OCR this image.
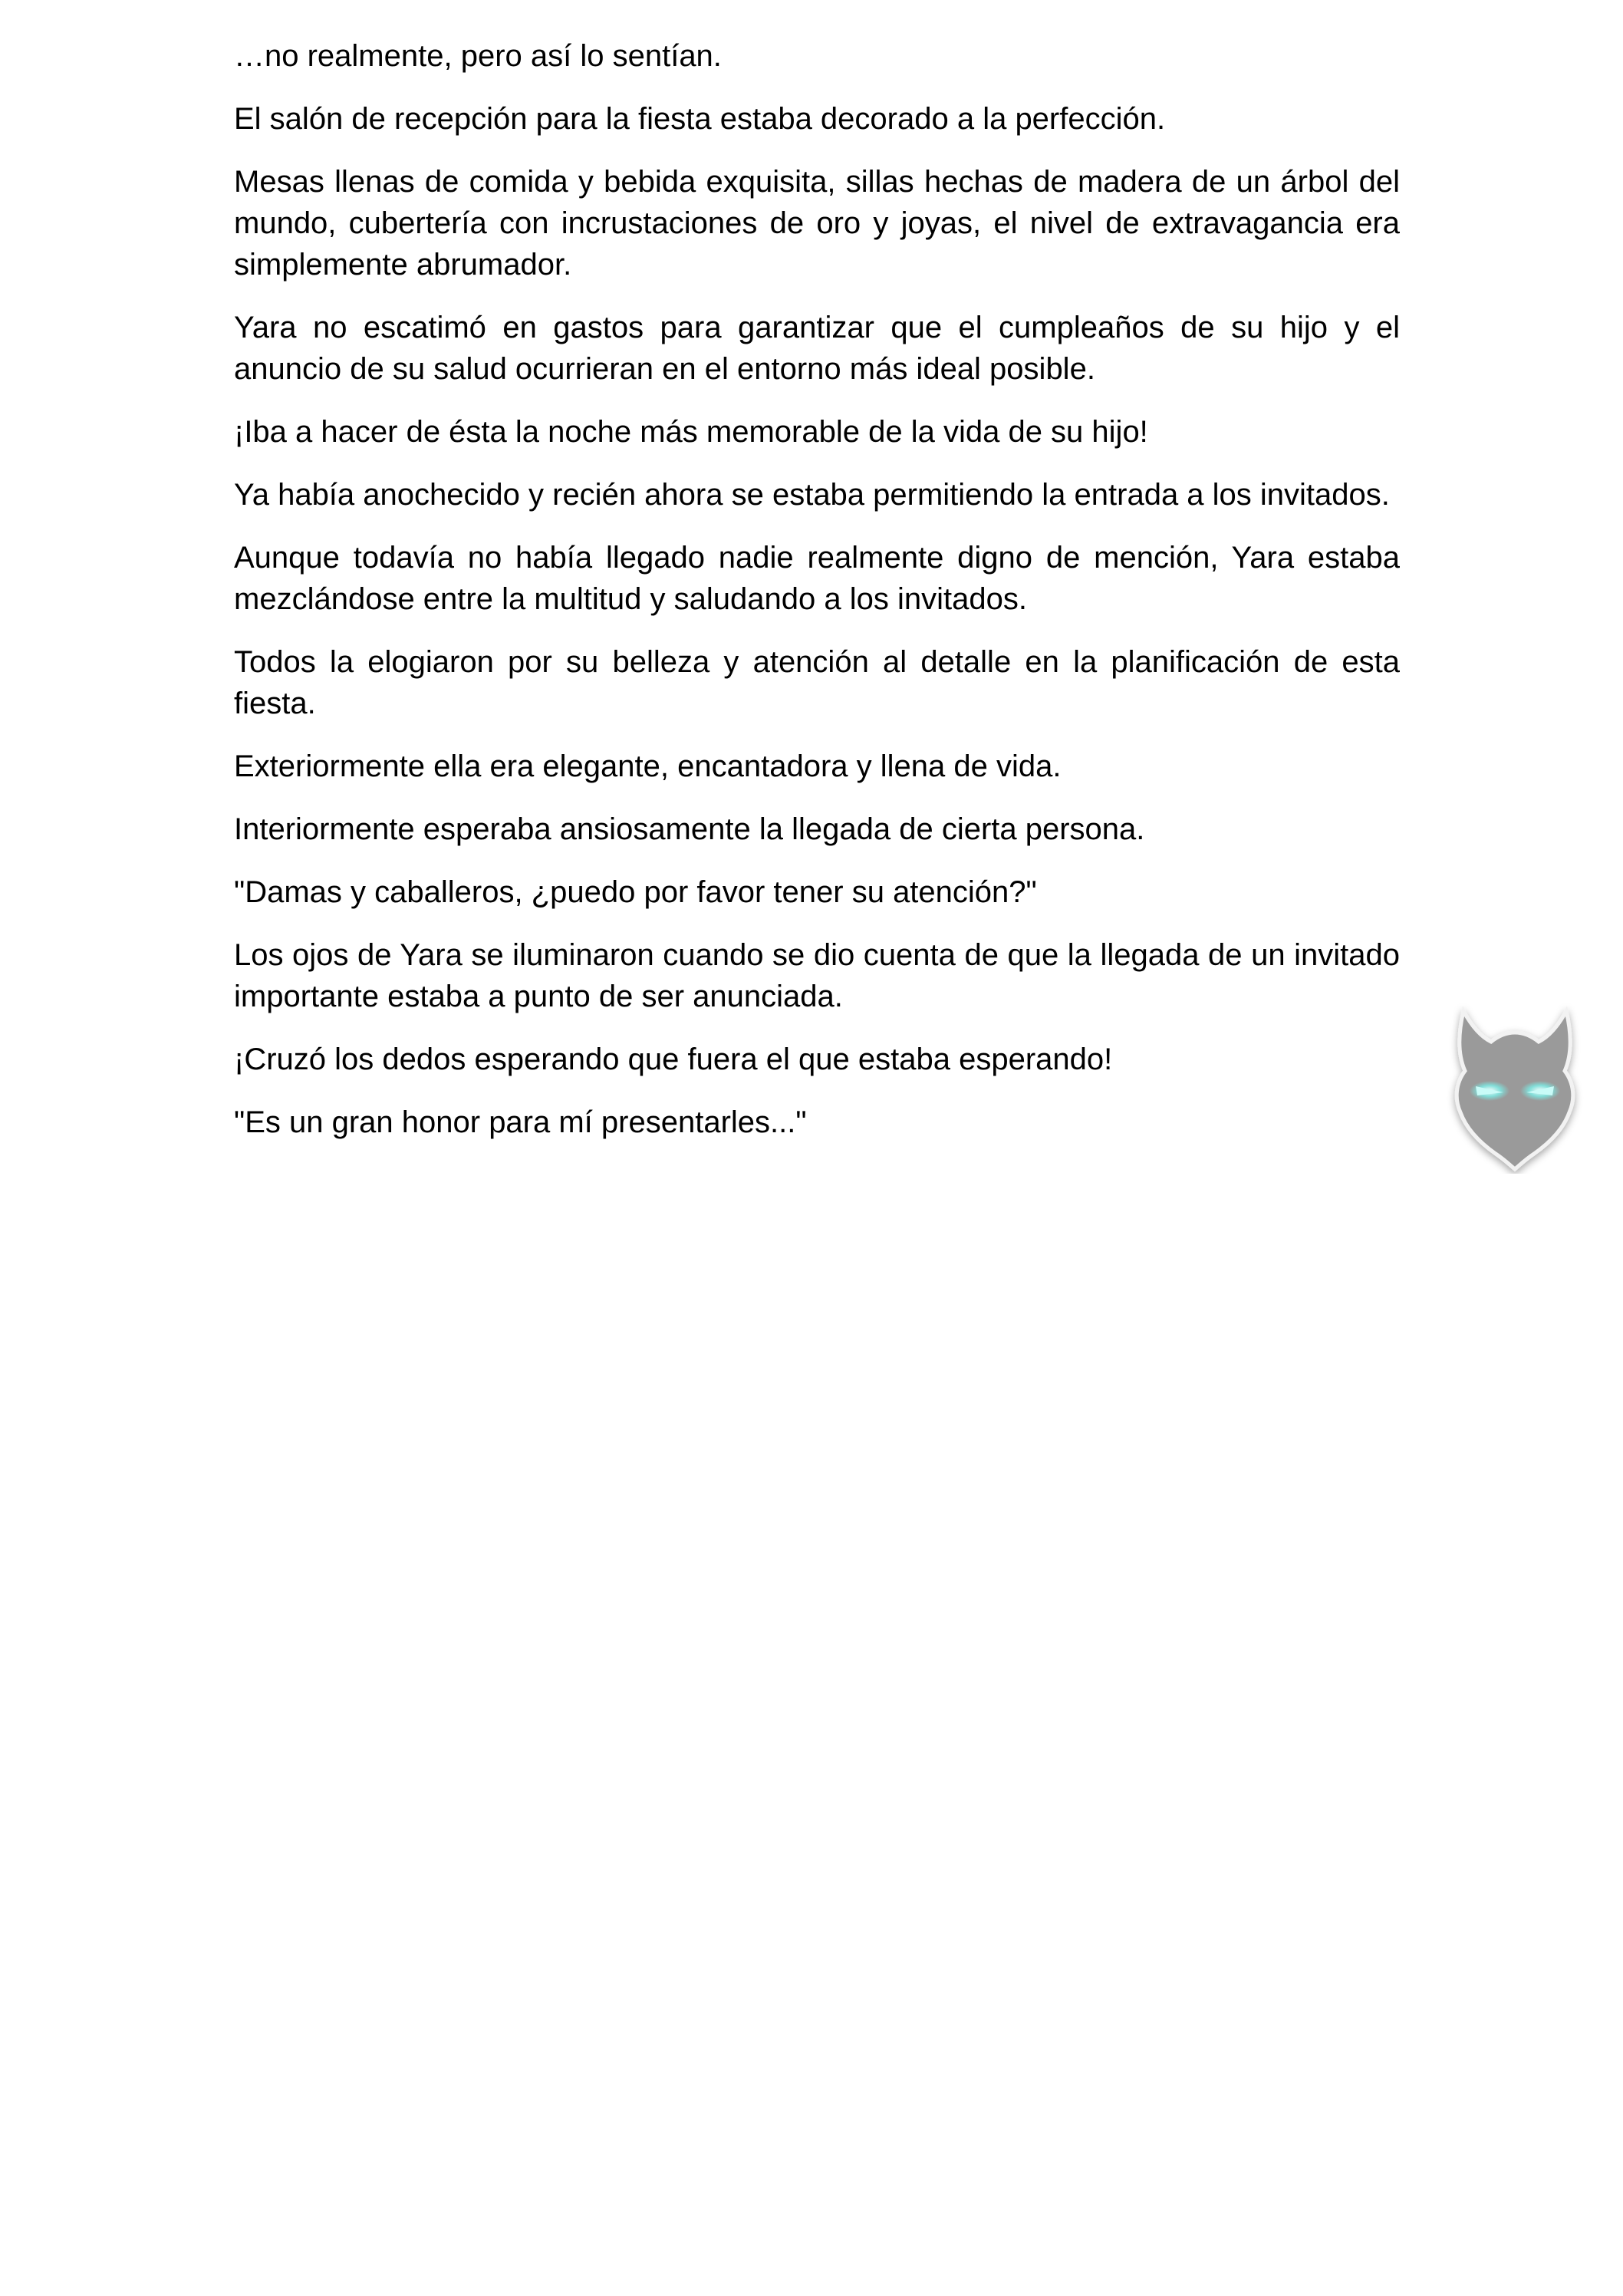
…no realmente, pero así lo sentían.

El salón de recepción para la fiesta estaba decorado a la perfección.

Mesas llenas de comida y bebida exquisita, sillas hechas de madera de un árbol del mundo, cubertería con incrustaciones de oro y joyas, el nivel de extravagancia era simplemente abrumador.

Yara no escatimó en gastos para garantizar que el cumpleaños de su hijo y el anuncio de su salud ocurrieran en el entorno más ideal posible.

¡Iba a hacer de ésta la noche más memorable de la vida de su hijo!

Ya había anochecido y recién ahora se estaba permitiendo la entrada a los invitados.

Aunque todavía no había llegado nadie realmente digno de mención, Yara estaba mezclándose entre la multitud y saludando a los invitados.

Todos la elogiaron por su belleza y atención al detalle en la planificación de esta fiesta.

Exteriormente ella era elegante, encantadora y llena de vida.

Interiormente esperaba ansiosamente la llegada de cierta persona.

"Damas y caballeros, ¿puedo por favor tener su atención?"

Los ojos de Yara se iluminaron cuando se dio cuenta de que la llegada de un invitado importante estaba a punto de ser anunciada.

¡Cruzó los dedos esperando que fuera el que estaba esperando!

"Es un gran honor para mí presentarles..."
